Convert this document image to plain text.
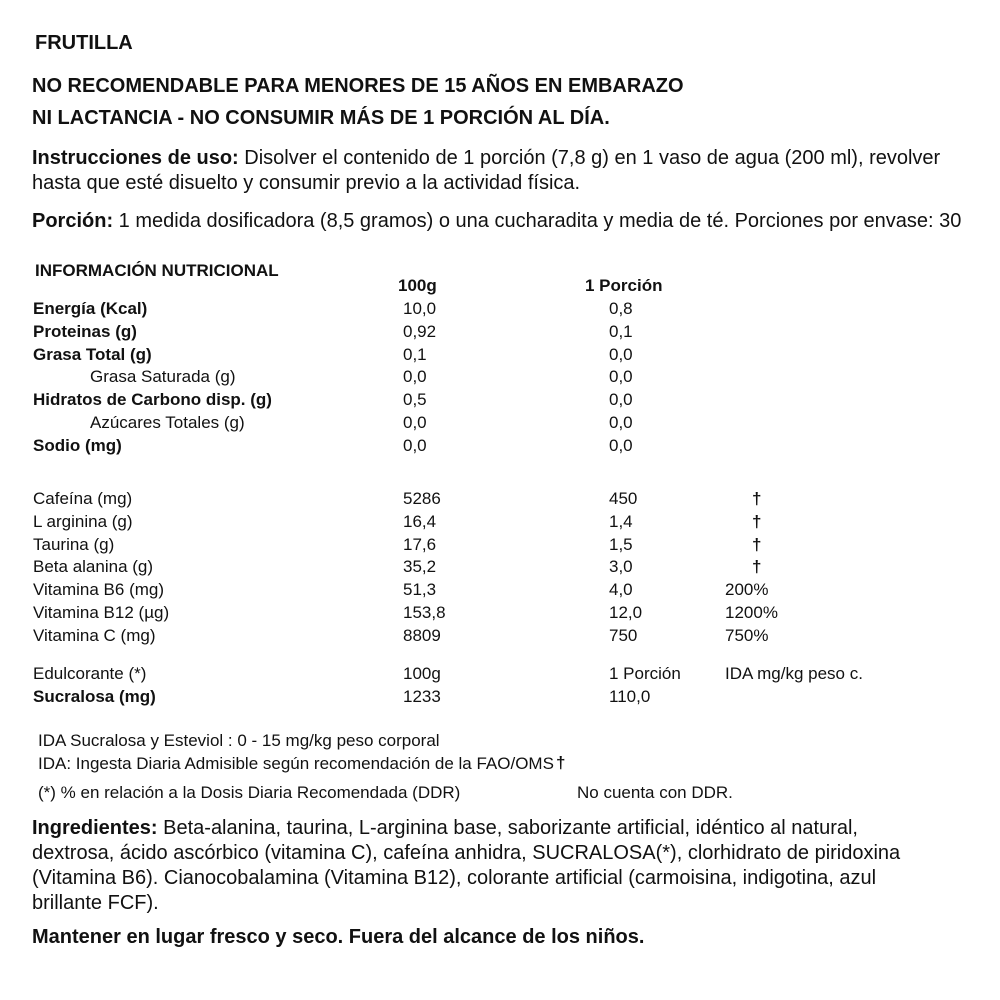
FRUTILLA
NO RECOMENDABLE PARA MENORES DE 15 AÑOS EN EMBARAZO
NI LACTANCIA - NO CONSUMIR MÁS DE 1 PORCIÓN AL DÍA.
Instrucciones de uso: Disolver el contenido de 1 porción (7,8 g) en 1 vaso de agua (200 ml), revolver hasta que esté disuelto y consumir previo a la actividad física.
Porción: 1 medida dosificadora (8,5 gramos) o una cucharadita y media de té. Porciones por envase: 30
INFORMACIÓN NUTRICIONAL
100g	1 Porción
Energía (Kcal)	10,0	0,8
Proteinas (g)	0,92	0,1
Grasa Total (g)	0,1	0,0
Grasa Saturada (g)	0,0	0,0
Hidratos de Carbono disp. (g)	0,5	0,0
Azúcares Totales (g)	0,0	0,0
Sodio (mg)	0,0	0,0
Cafeína (mg)	5286	450	†
L arginina (g)	16,4	1,4	†
Taurina (g)	17,6	1,5	†
Beta alanina (g)	35,2	3,0	†
Vitamina B6 (mg)	51,3	4,0	200%
Vitamina B12 (µg)	153,8	12,0	1200%
Vitamina C (mg)	8809	750	750%
Edulcorante (*)	100g	1 Porción	IDA mg/kg peso c.
Sucralosa (mg)	1233	110,0
IDA Sucralosa y Esteviol : 0 - 15 mg/kg peso corporal
IDA: Ingesta Diaria Admisible según recomendación de la FAO/OMS †
(*) % en relación a la Dosis Diaria Recomendada (DDR)	No cuenta con DDR.
Ingredientes: Beta-alanina, taurina, L-arginina base, saborizante artificial, idéntico al natural, dextrosa, ácido ascórbico (vitamina C), cafeína anhidra, SUCRALOSA(*), clorhidrato de piridoxina (Vitamina B6). Cianocobalamina (Vitamina B12), colorante artificial (carmoisina, indigotina, azul brillante FCF).
Mantener en lugar fresco y seco. Fuera del alcance de los niños.
